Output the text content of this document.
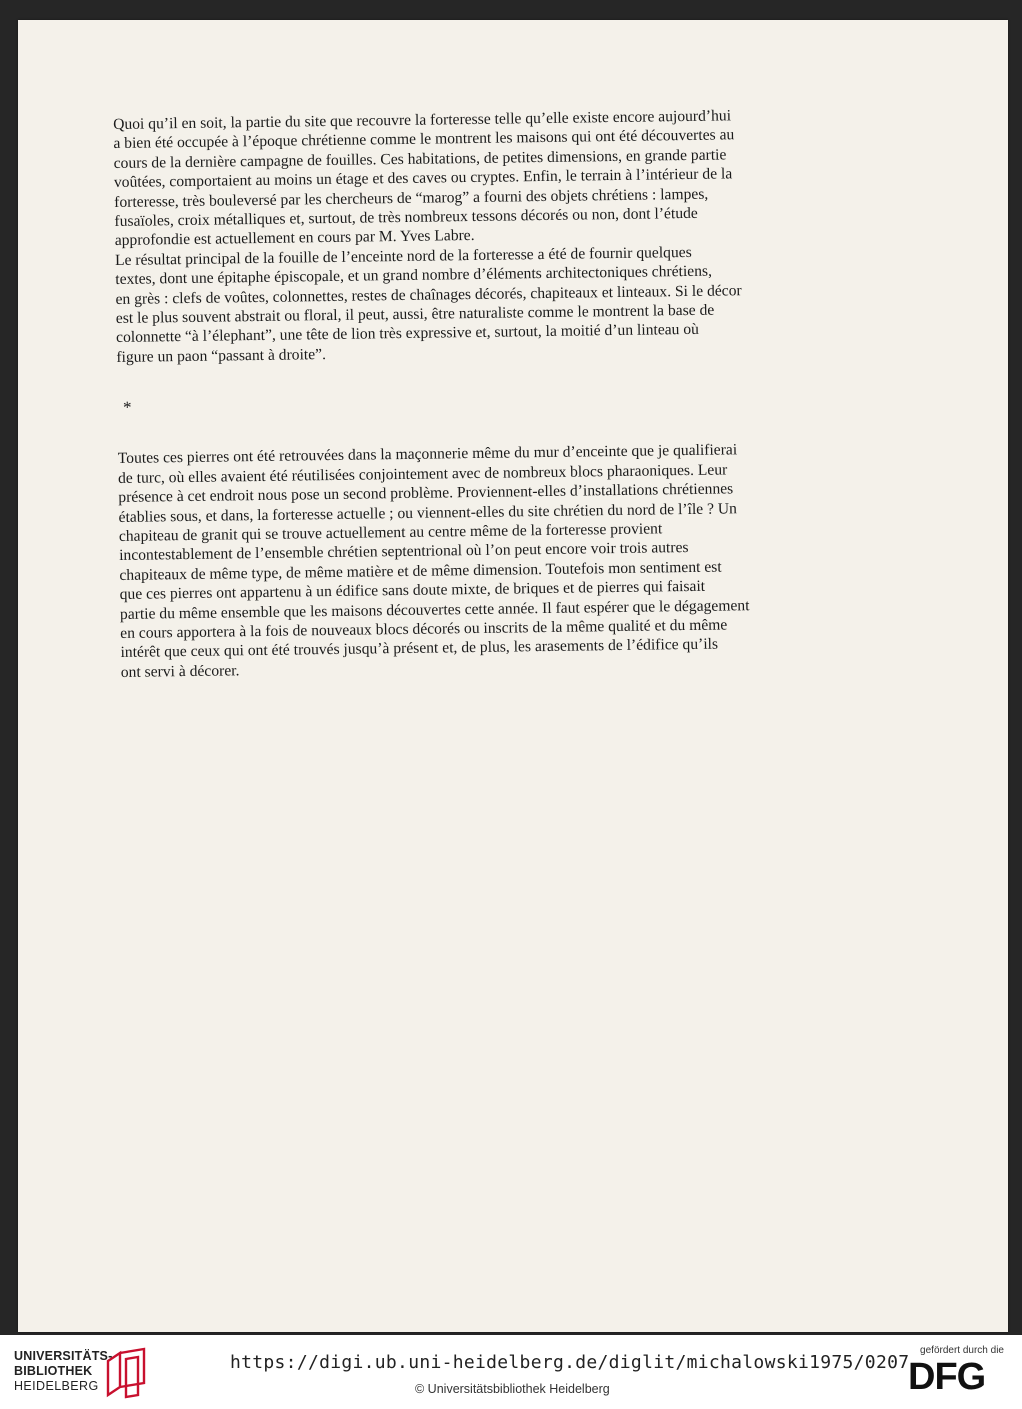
Quoi qu’il en soit, la partie du site que recouvre la forteresse telle qu’elle existe encore aujourd’hui
a bien été occupée à l’époque chrétienne comme le montrent les maisons qui ont été découvertes au
cours de la dernière campagne de fouilles. Ces habitations, de petites dimensions, en grande partie
voûtées, comportaient au moins un étage et des caves ou cryptes. Enfin, le terrain à l’intérieur de la
forteresse, très bouleversé par les chercheurs de “marog” a fourni des objets chrétiens : lampes,
fusaïoles, croix métalliques et, surtout, de très nombreux tessons décorés ou non, dont l’étude
approfondie est actuellement en cours par M. Yves Labre.
Le résultat principal de la fouille de l’enceinte nord de la forteresse a été de fournir quelques
textes, dont une épitaphe épiscopale, et un grand nombre d’éléments architectoniques chrétiens,
en grès : clefs de voûtes, colonnettes, restes de chaînages décorés, chapiteaux et linteaux. Si le décor
est le plus souvent abstrait ou floral, il peut, aussi, être naturaliste comme le montrent la base de
colonnette “à l’élephant”, une tête de lion très expressive et, surtout, la moitié d’un linteau où
figure un paon “passant à droite”.
*
Toutes ces pierres ont été retrouvées dans la maçonnerie même du mur d’enceinte que je qualifierai
de turc, où elles avaient été réutilisées conjointement avec de nombreux blocs pharaoniques. Leur
présence à cet endroit nous pose un second problème. Proviennent-elles d’installations chrétiennes
établies sous, et dans, la forteresse actuelle ; ou viennent-elles du site chrétien du nord de l’île ? Un
chapiteau de granit qui se trouve actuellement au centre même de la forteresse provient
incontestablement de l’ensemble chrétien septentrional où l’on peut encore voir trois autres
chapiteaux de même type, de même matière et de même dimension. Toutefois mon sentiment est
que ces pierres ont appartenu à un édifice sans doute mixte, de briques et de pierres qui faisait
partie du même ensemble que les maisons découvertes cette année. Il faut espérer que le dégagement
en cours apportera à la fois de nouveaux blocs décorés ou inscrits de la même qualité et du même
intérêt que ceux qui ont été trouvés jusqu’à présent et, de plus, les arasements de l’édifice qu’ils
ont servi à décorer.
UNIVERSITÄTS-
BIBLIOTHEK
HEIDELBERG
https://digi.ub.uni-heidelberg.de/diglit/michalowski1975/0207
© Universitätsbibliothek Heidelberg
gefördert durch die
DFG
